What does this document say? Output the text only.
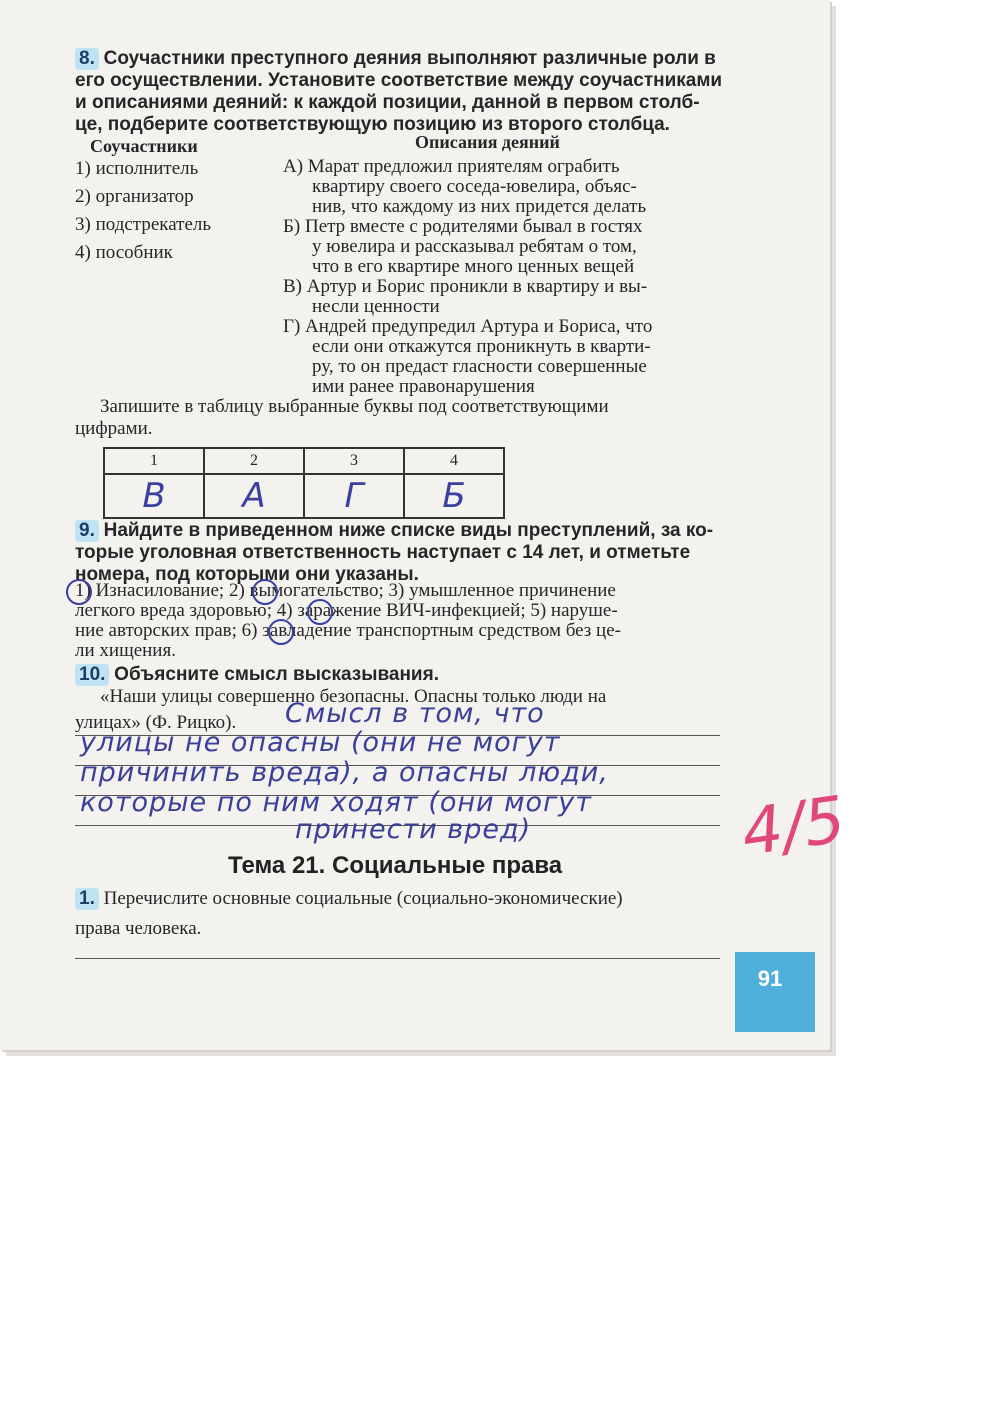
8. Соучастники преступного деяния выполняют различные роли в
его осуществлении. Установите соответствие между соучастниками
и описаниями деяний: к каждой позиции, данной в первом столб-
це, подберите соответствующую позицию из второго столбца.
Соучастники	Описания деяний
1) исполнитель
2) организатор
3) подстрекатель
4) пособник
А) Марат предложил приятелям ограбить
квартиру своего соседа-ювелира, объяс-
нив, что каждому из них придется делать
Б) Петр вместе с родителями бывал в гостях
у ювелира и рассказывал ребятам о том,
что в его квартире много ценных вещей
В) Артур и Борис проникли в квартиру и вы-
несли ценности
Г) Андрей предупредил Артура и Бориса, что
если они откажутся проникнуть в кварти-
ру, то он предаст гласности совершенные
ими ранее правонарушения
Запишите в таблицу выбранные буквы под соответствующими
цифрами.
1	2	3	4
В	А	Г	Б
9. Найдите в приведенном ниже списке виды преступлений, за ко-
торые уголовная ответственность наступает с 14 лет, и отметьте
номера, под которыми они указаны.
1) Изнасилование; 2) вымогательство; 3) умышленное причинение
легкого вреда здоровью; 4) заражение ВИЧ-инфекцией; 5) наруше-
ние авторских прав; 6) завладение транспортным средством без це-
ли хищения.
10. Объясните смысл высказывания.
«Наши улицы совершенно безопасны. Опасны только люди на
улицах» (Ф. Рицко). Смысл в том, что
улицы не опасны (они не могут
причинить вреда), а опасны люди,
которые по ним ходят (они могут
принести вред)	4/5
Тема 21. Социальные права
1. Перечислите основные социальные (социально-экономические)
права человека.
91
